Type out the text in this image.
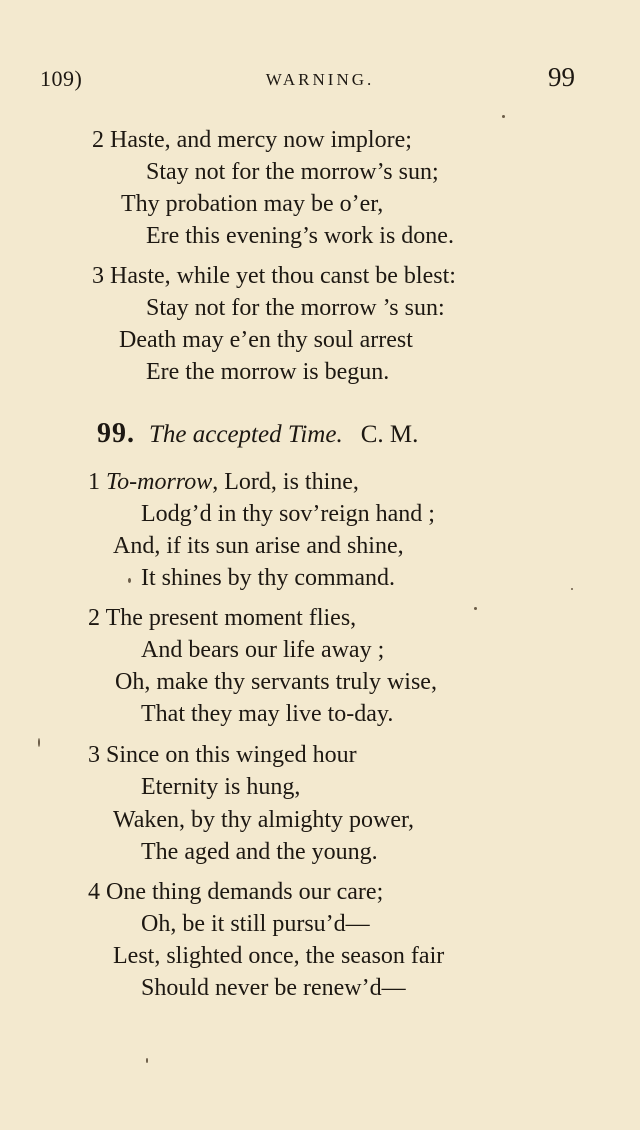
109)	WARNING.	99
2 Haste, and mercy now implore;
Stay not for the morrow’s sun;
Thy probation may be o’er,
Ere this evening’s work is done.
3 Haste, while yet thou canst be blest:
Stay not for the morrow ’s sun:
Death may e’en thy soul arrest
Ere the morrow is begun.
99. The accepted Time. C. M.
1 To-morrow, Lord, is thine,
Lodg’d in thy sov’reign hand ;
And, if its sun arise and shine,
It shines by thy command.
2 The present moment flies,
And bears our life away ;
Oh, make thy servants truly wise,
That they may live to-day.
3 Since on this winged hour
Eternity is hung,
Waken, by thy almighty power,
The aged and the young.
4 One thing demands our care;
Oh, be it still pursu’d—
Lest, slighted once, the season fair
Should never be renew’d—
